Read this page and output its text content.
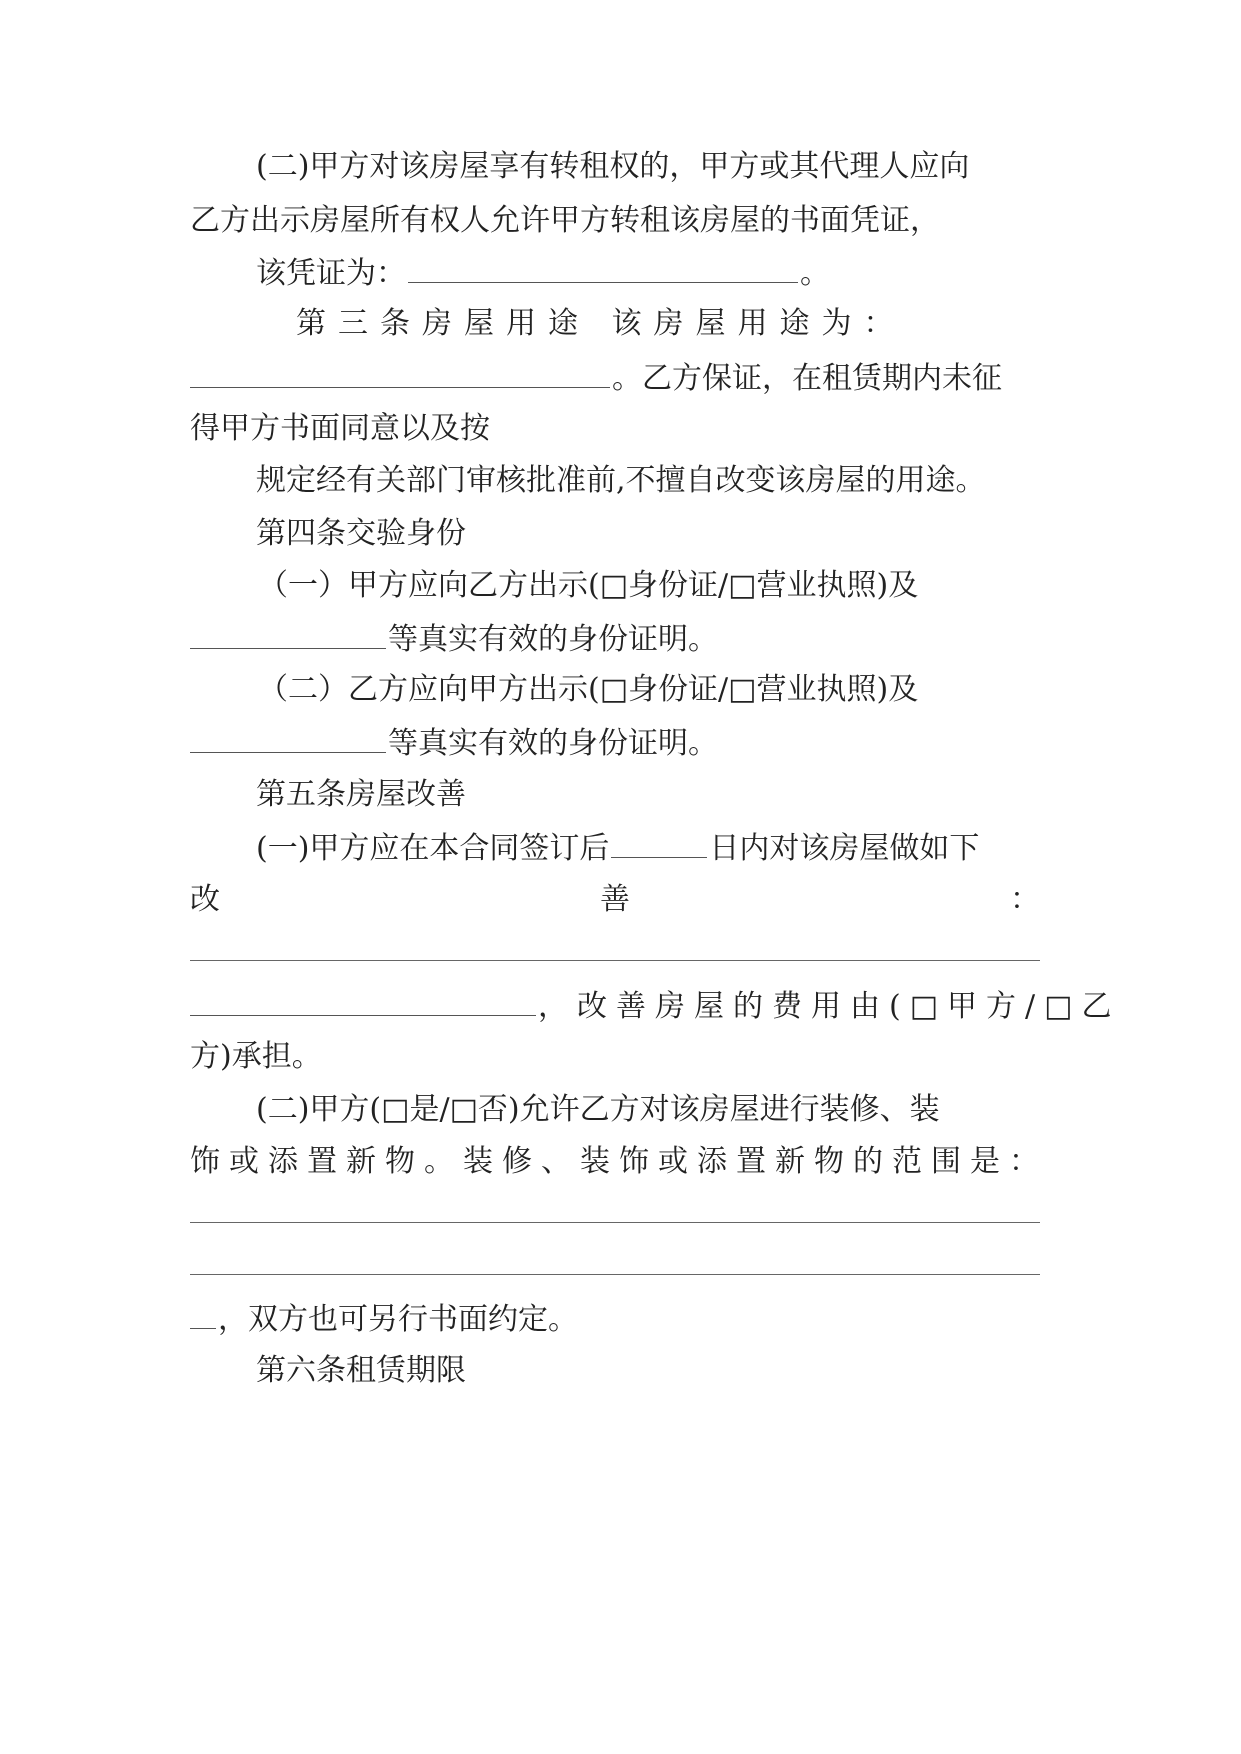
(二)甲方对该房屋享有转租权的，甲方或其代理人应向
乙方出示房屋所有权人允许甲方转租该房屋的书面凭证，
该凭证为：	。
第三条房屋用途 该房屋用途为：
。乙方保证，在租赁期内未征
得甲方书面同意以及按
规定经有关部门审核批准前,不擅自改变该房屋的用途。
第四条交验身份
（一）甲方应向乙方出示(□身份证/□营业执照)及
等真实有效的身份证明。
（二）乙方应向甲方出示(□身份证/□营业执照)及
等真实有效的身份证明。
第五条房屋改善
(一)甲方应在本合同签订后	日内对该房屋做如下
改	善	：
，改善房屋的费用由(□甲方/□乙
方)承担。
(二)甲方(□是/□否)允许乙方对该房屋进行装修、装
饰或添置新物。装修、装饰或添置新物的范围是：
，双方也可另行书面约定。
第六条租赁期限
